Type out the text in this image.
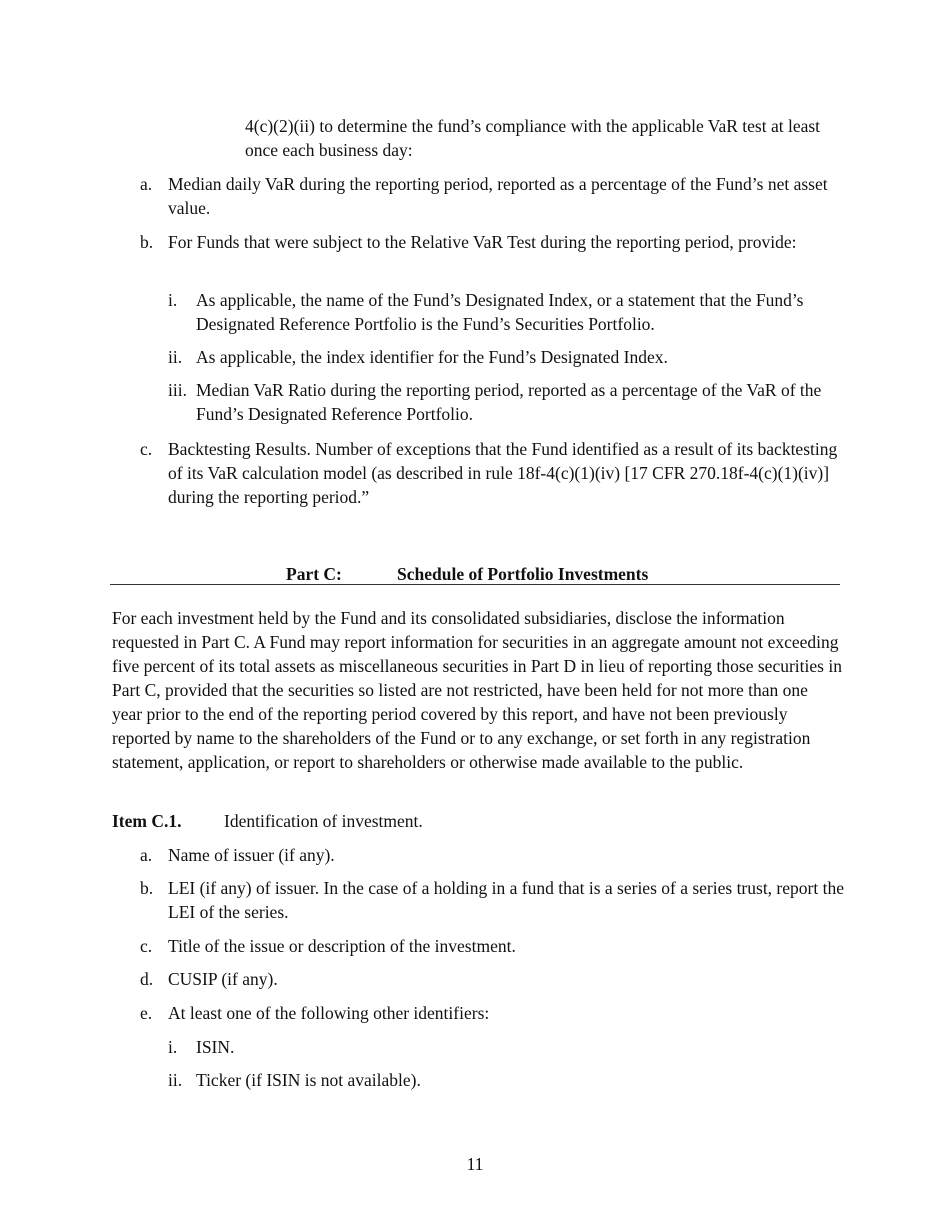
4(c)(2)(ii) to determine the fund’s compliance with the applicable VaR test at least once each business day:

a. Median daily VaR during the reporting period, reported as a percentage of the Fund’s net asset value.
b. For Funds that were subject to the Relative VaR Test during the reporting period, provide:
i. As applicable, the name of the Fund’s Designated Index, or a statement that the Fund’s Designated Reference Portfolio is the Fund’s Securities Portfolio.
ii. As applicable, the index identifier for the Fund’s Designated Index.
iii. Median VaR Ratio during the reporting period, reported as a percentage of the VaR of the Fund’s Designated Reference Portfolio.
c. Backtesting Results. Number of exceptions that the Fund identified as a result of its backtesting of its VaR calculation model (as described in rule 18f-4(c)(1)(iv) [17 CFR 270.18f-4(c)(1)(iv)] during the reporting period.”
Part C:	Schedule of Portfolio Investments

For each investment held by the Fund and its consolidated subsidiaries, disclose the information requested in Part C. A Fund may report information for securities in an aggregate amount not exceeding five percent of its total assets as miscellaneous securities in Part D in lieu of reporting those securities in Part C, provided that the securities so listed are not restricted, have been held for not more than one year prior to the end of the reporting period covered by this report, and have not been previously reported by name to the shareholders of the Fund or to any exchange, or set forth in any registration statement, application, or report to shareholders or otherwise made available to the public.

Item C.1. Identification of investment.
a. Name of issuer (if any).
b. LEI (if any) of issuer. In the case of a holding in a fund that is a series of a series trust, report the LEI of the series.
c. Title of the issue or description of the investment.
d. CUSIP (if any).
e. At least one of the following other identifiers:
i. ISIN.
ii. Ticker (if ISIN is not available).
11
